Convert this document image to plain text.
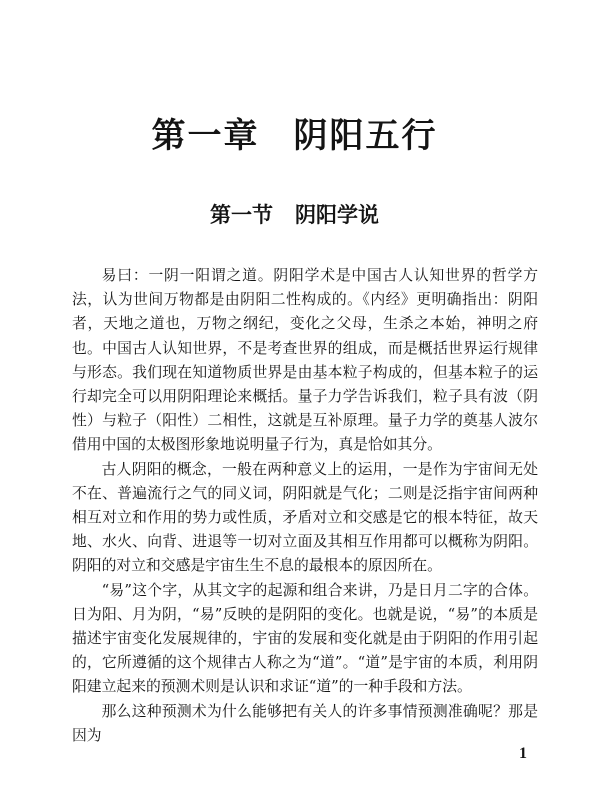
第一章 阴阳五行
第一节 阴阳学说

易曰：一阴一阳谓之道。阴阳学术是中国古人认知世界的哲学方法，认为世间万物都是由阴阳二性构成的。《内经》更明确指出：阴阳者，天地之道也，万物之纲纪，变化之父母，生杀之本始，神明之府也。中国古人认知世界，不是考查世界的组成，而是概括世界运行规律与形态。我们现在知道物质世界是由基本粒子构成的，但基本粒子的运行却完全可以用阴阳理论来概括。量子力学告诉我们，粒子具有波（阴性）与粒子（阳性）二相性，这就是互补原理。量子力学的奠基人波尔借用中国的太极图形象地说明量子行为，真是恰如其分。

古人阴阳的概念，一般在两种意义上的运用，一是作为宇宙间无处不在、普遍流行之气的同义词，阴阳就是气化；二则是泛指宇宙间两种相互对立和作用的势力或性质，矛盾对立和交感是它的根本特征，故天地、水火、向背、进退等一切对立面及其相互作用都可以概称为阴阳。阴阳的对立和交感是宇宙生生不息的最根本的原因所在。

“易”这个字，从其文字的起源和组合来讲，乃是日月二字的合体。日为阳、月为阴，“易”反映的是阴阳的变化。也就是说，“易”的本质是描述宇宙变化发展规律的，宇宙的发展和变化就是由于阴阳的作用引起的，它所遵循的这个规律古人称之为“道”。“道”是宇宙的本质，利用阴阳建立起来的预测术则是认识和求证“道”的一种手段和方法。

那么这种预测术为什么能够把有关人的许多事情预测准确呢？那是因为

1
